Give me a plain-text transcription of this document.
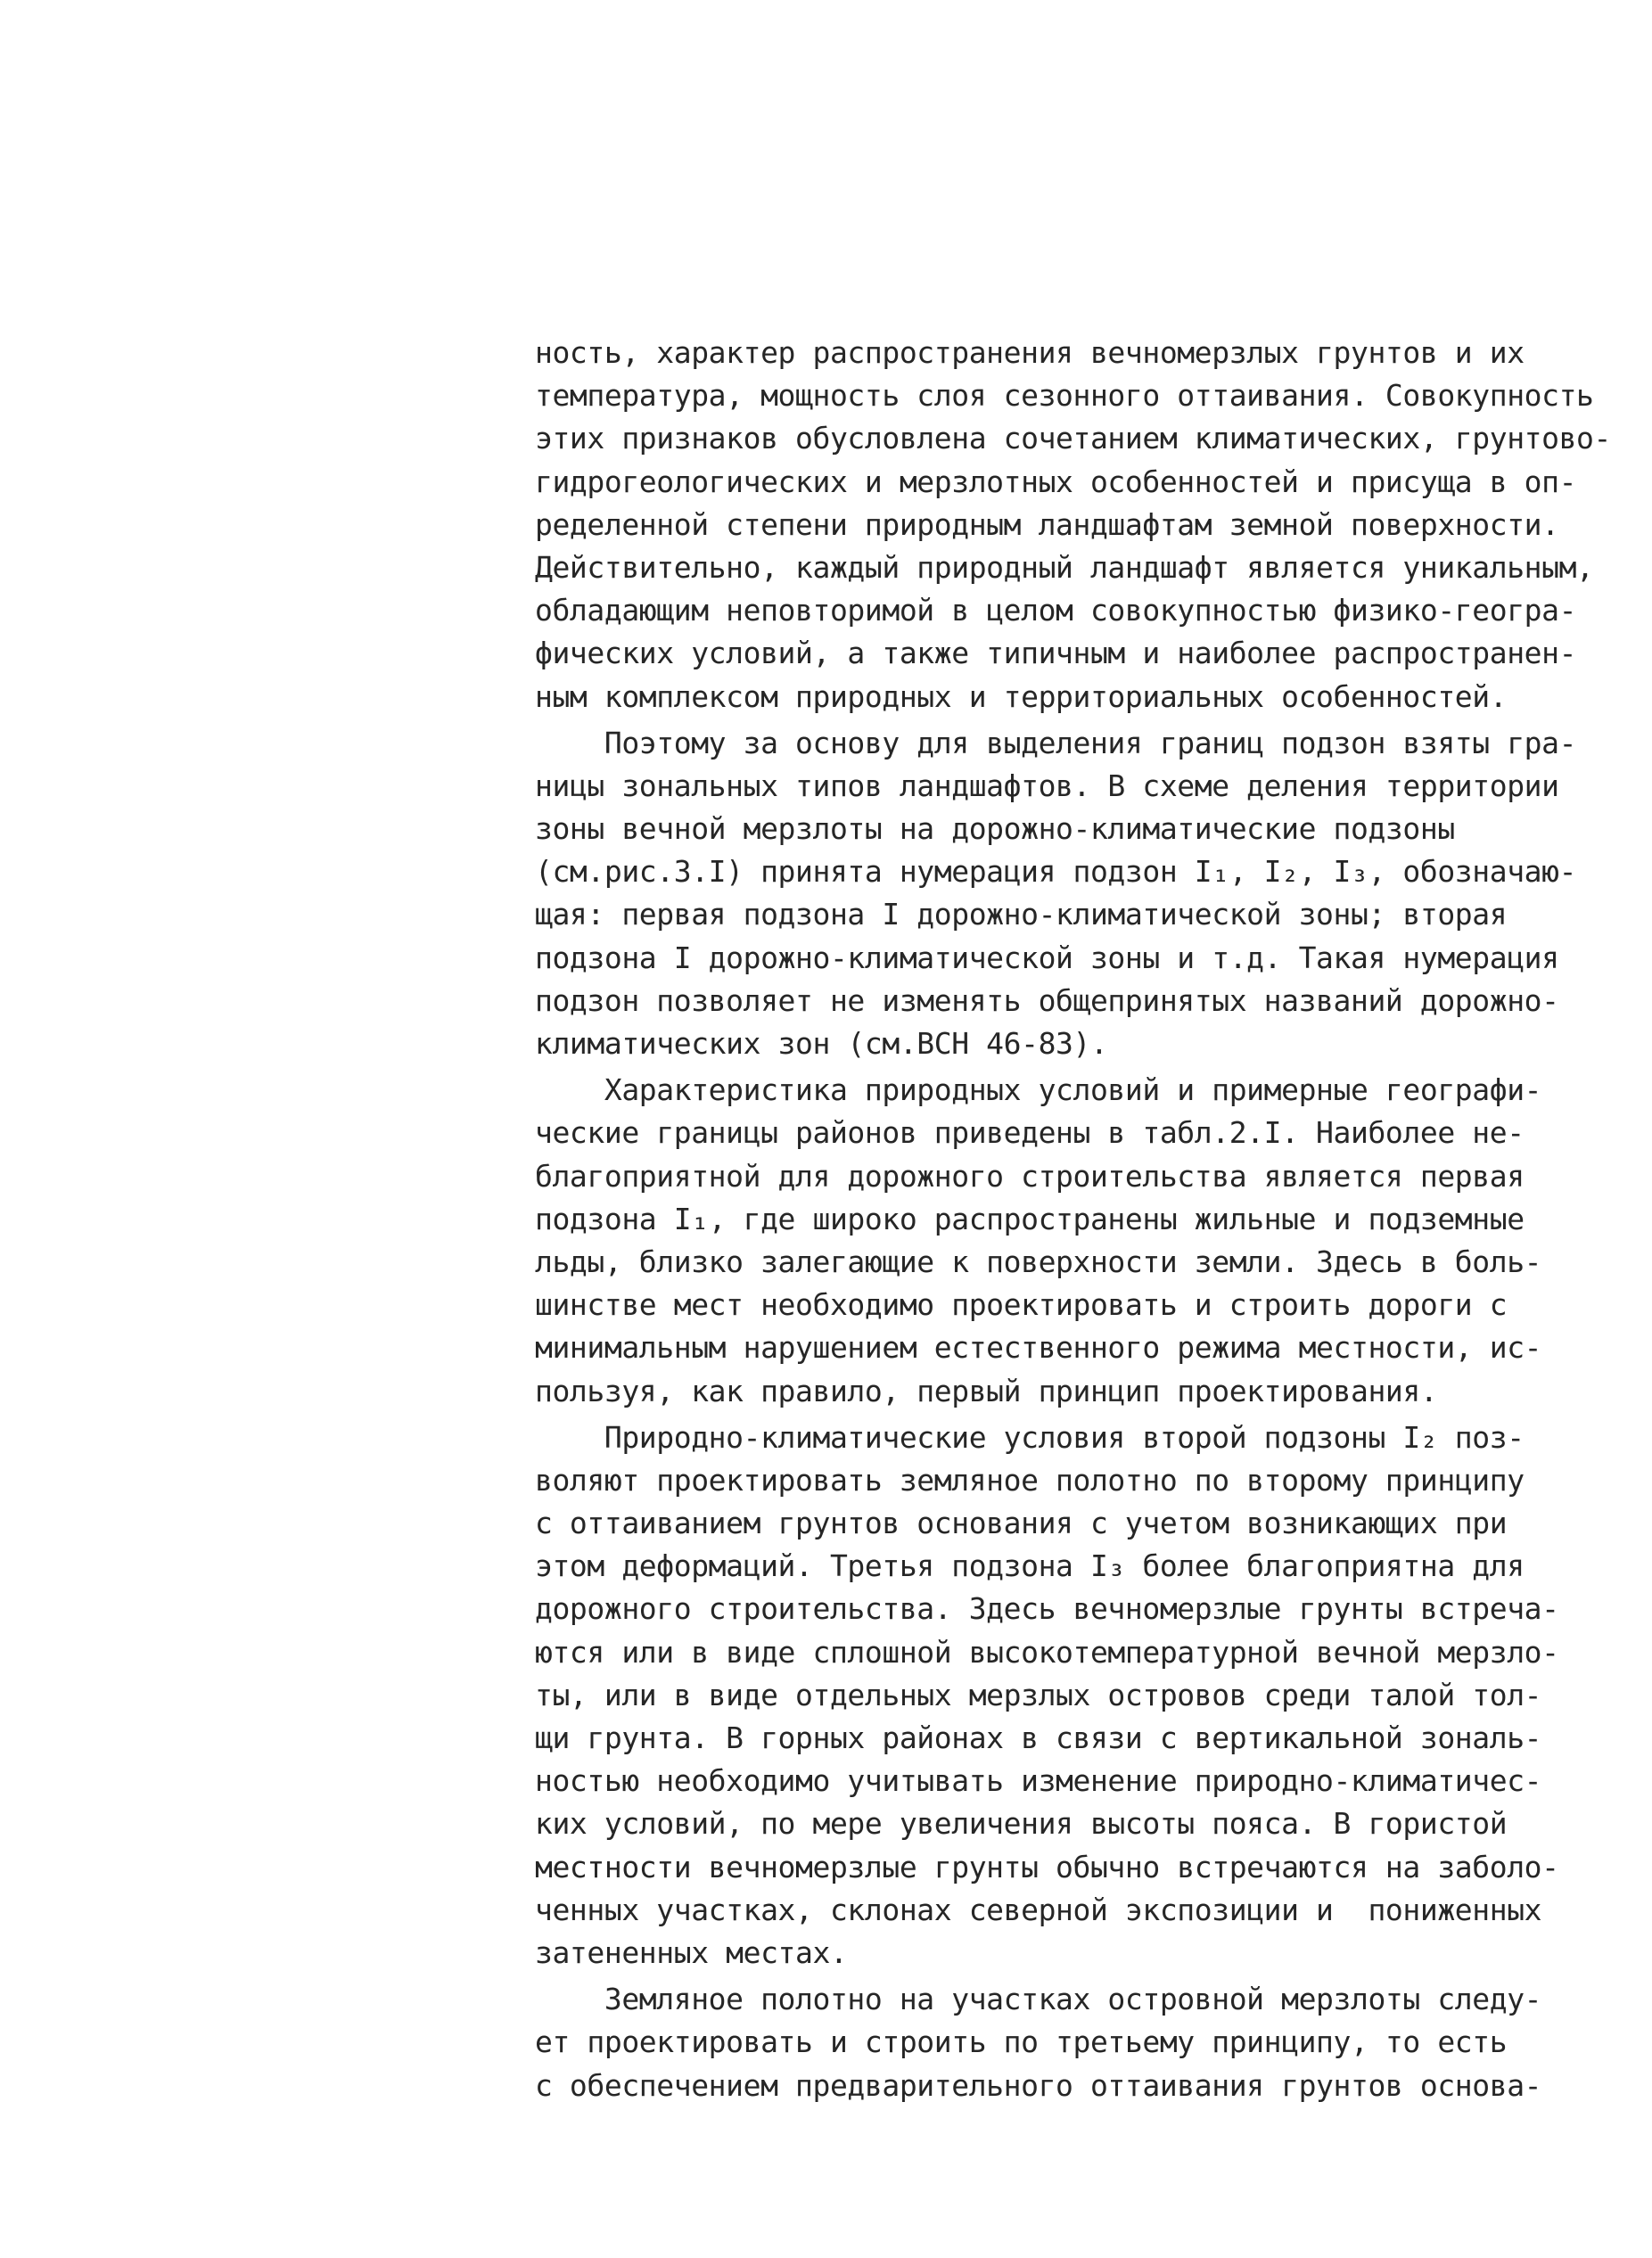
ность, характер распространения вечномерзлых грунтов и их
температура, мощность слоя сезонного оттаивания. Совокупность
этих признаков обусловлена сочетанием климатических, грунтово-
гидрогеологических и мерзлотных особенностей и присуща в оп-
ределенной степени природным ландшафтам земной поверхности.
Действительно, каждый природный ландшафт является уникальным,
обладающим неповторимой в целом совокупностью физико-геогра-
фических условий, а также типичным и наиболее распространен-
ным комплексом природных и территориальных особенностей.
Поэтому за основу для выделения границ подзон взяты гра-
ницы зональных типов ландшафтов. В схеме деления территории
зоны вечной мерзлоты на дорожно-климатические подзоны
(см.рис.3.I) принята нумерация подзон I₁, I₂, I₃, обозначаю-
щая: первая подзона I дорожно-климатической зоны; вторая
подзона I дорожно-климатической зоны и т.д. Такая нумерация
подзон позволяет не изменять общепринятых названий дорожно-
климатических зон (см.ВСН 46-83).
Характеристика природных условий и примерные географи-
ческие границы районов приведены в табл.2.I. Наиболее не-
благоприятной для дорожного строительства является первая
подзона I₁, где широко распространены жильные и подземные
льды, близко залегающие к поверхности земли. Здесь в боль-
шинстве мест необходимо проектировать и строить дороги с
минимальным нарушением естественного режима местности, ис-
пользуя, как правило, первый принцип проектирования.
Природно-климатические условия второй подзоны I₂ поз-
воляют проектировать земляное полотно по второму принципу
с оттаиванием грунтов основания с учетом возникающих при
этом деформаций. Третья подзона I₃ более благоприятна для
дорожного строительства. Здесь вечномерзлые грунты встреча-
ются или в виде сплошной высокотемпературной вечной мерзло-
ты, или в виде отдельных мерзлых островов среди талой тол-
щи грунта. В горных районах в связи с вертикальной зональ-
ностью необходимо учитывать изменение природно-климатичес-
ких условий, по мере увеличения высоты пояса. В гористой
местности вечномерзлые грунты обычно встречаются на заболо-
ченных участках, склонах северной экспозиции и  пониженных
затененных местах.
Земляное полотно на участках островной мерзлоты следу-
ет проектировать и строить по третьему принципу, то есть
с обеспечением предварительного оттаивания грунтов основа-
